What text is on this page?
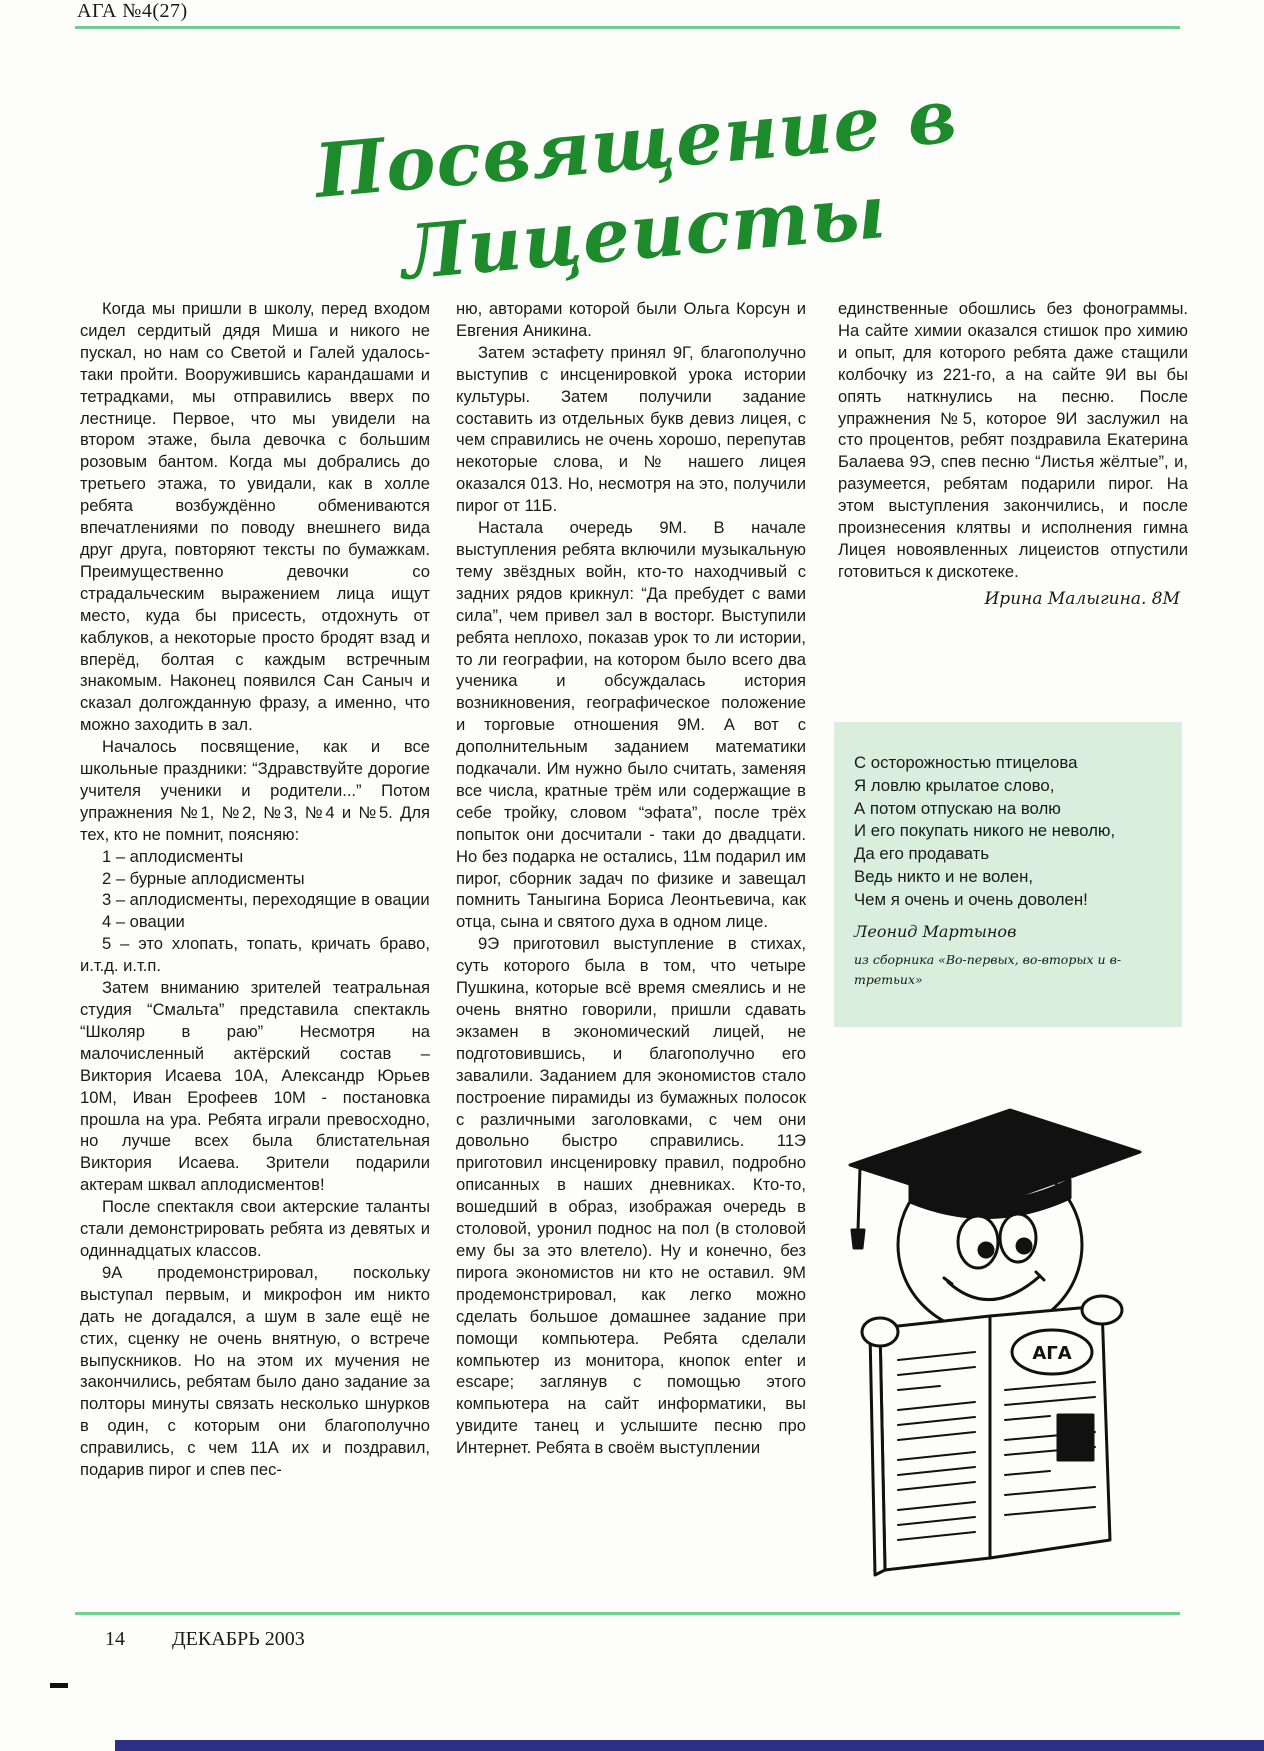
АГА №4(27)
Посвящение в Лицеисты

Когда мы пришли в школу, перед входом сидел сердитый дядя Миша и никого не пускал, но нам со Светой и Галей удалось-таки пройти. Вооружившись карандашами и тетрадками, мы отправились вверх по лестнице. Первое, что мы увидели на втором этаже, была девочка с большим розовым бантом. Когда мы добрались до третьего этажа, то увидали, как в холле ребята возбуждённо обмениваются впечатлениями по поводу внешнего вида друг друга, повторяют тексты по бумажкам. Преимущественно девочки со страдальческим выражением лица ищут место, куда бы присесть, отдохнуть от каблуков, а некоторые просто бродят взад и вперёд, болтая с каждым встречным знакомым. Наконец появился Сан Саныч и сказал долгожданную фразу, а именно, что можно заходить в зал.

Началось посвящение, как и все школьные праздники: “Здравствуйте дорогие учителя ученики и родители...” Потом упражнения №1, №2, №3, №4 и №5. Для тех, кто не помнит, поясняю:

1 – аплодисменты

2 – бурные аплодисменты

3 – аплодисменты, переходящие в овации

4 – овации

5 – это хлопать, топать, кричать браво, и.т.д. и.т.п.

Затем вниманию зрителей театральная студия “Смальта” представила спектакль “Школяр в раю” Несмотря на малочисленный актёрский состав – Виктория Исаева 10А, Александр Юрьев 10М, Иван Ерофеев 10М - постановка прошла на ура. Ребята играли превосходно, но лучше всех была блистательная Виктория Исаева. Зрители подарили актерам шквал аплодисментов!

После спектакля свои актерские таланты стали демонстрировать ребята из девятых и одиннадцатых классов.

9А продемонстрировал, поскольку выступал первым, и микрофон им никто дать не догадался, а шум в зале ещё не стих, сценку не очень внятную, о встрече выпускников. Но на этом их мучения не закончились, ребятам было дано задание за полторы минуты связать несколько шнурков в один, с которым они благополучно справились, с чем 11А их и поздравил, подарив пирог и спев пес-

ню, авторами которой были Ольга Корсун и Евгения Аникина.

Затем эстафету принял 9Г, благополучно выступив с инсценировкой урока истории культуры. Затем получили задание составить из отдельных букв девиз лицея, с чем справились не очень хорошо, перепутав некоторые слова, и № нашего лицея оказался 013. Но, несмотря на это, получили пирог от 11Б.

Настала очередь 9М. В начале выступления ребята включили музыкальную тему звёздных войн, кто-то находчивый с задних рядов крикнул: “Да пребудет с вами сила”, чем привел зал в восторг. Выступили ребята неплохо, показав урок то ли истории, то ли географии, на котором было всего два ученика и обсуждалась история возникновения, географическое положение и торговые отношения 9М. А вот с дополнительным заданием математики подкачали. Им нужно было считать, заменяя все числа, кратные трём или содержащие в себе тройку, словом “эфата”, после трёх попыток они досчитали - таки до двадцати. Но без подарка не остались, 11м подарил им пирог, сборник задач по физике и завещал помнить Таныгина Бориса Леонтьевича, как отца, сына и святого духа в одном лице.

9Э приготовил выступление в стихах, суть которого была в том, что четыре Пушкина, которые всё время смеялись и не очень внятно говорили, пришли сдавать экзамен в экономический лицей, не подготовившись, и благополучно его завалили. Заданием для экономистов стало построение пирамиды из бумажных полосок с различными заголовками, с чем они довольно быстро справились. 11Э приготовил инсценировку правил, подробно описанных в наших дневниках. Кто-то, вошедший в образ, изображая очередь в столовой, уронил поднос на пол (в столовой ему бы за это влетело). Ну и конечно, без пирога экономистов ни кто не оставил. 9М продемонстрировал, как легко можно сделать большое домашнее задание при помощи компьютера. Ребята сделали компьютер из монитора, кнопок enter и escape; заглянув с помощью этого компьютера на сайт информатики, вы увидите танец и услышите песню про Интернет. Ребята в своём выступлении

единственные обошлись без фонограммы. На сайте химии оказался стишок про химию и опыт, для которого ребята даже стащили колбочку из 221-го, а на сайте 9И вы бы опять наткнулись на песню. После упражнения №5, которое 9И заслужил на сто процентов, ребят поздравила Екатерина Балаева 9Э, спев песню “Листья жёлтые”, и, разумеется, ребятам подарили пирог. На этом выступления закончились, и после произнесения клятвы и исполнения гимна Лицея новоявленных лицеистов отпустили готовиться к дискотеке.

Ирина Малыгина. 8М
С осторожностью птицелова
Я ловлю крылатое слово,
А потом отпускаю на волю
И его покупать никого не неволю,
Да его продавать
Ведь никто и не волен,
Чем я очень и очень доволен!
Леонид Мартынов
из сборника «Во-первых, во-вторых и в-третьих»
АГА
14 ДЕКАБРЬ 2003
